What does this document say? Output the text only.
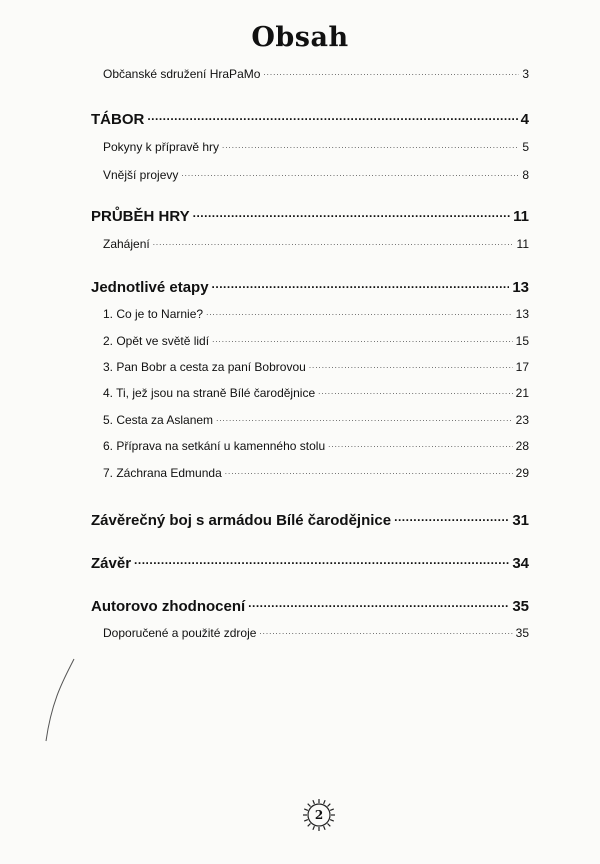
Obsah
Občanské sdružení HraPaMo .....	3
TÁBOR .....	4
Pokyny k přípravě hry .....	5
Vnější projevy .....	8
PRŮBĚH HRY .....	11
Zahájení .....	11
Jednotlivé etapy .....	13
1. Co je to Narnie? .....	13
2. Opět ve světě lidí .....	15
3. Pan Bobr a cesta za paní Bobrovou .....	17
4. Ti, jež jsou na straně Bílé čarodějnice .....	21
5. Cesta za Aslanem .....	23
6. Příprava na setkání u kamenného stolu .....	28
7. Záchrana Edmunda .....	29
Závěrečný boj s armádou Bílé čarodějnice .....	31
Závěr .....	34
Autorovo zhodnocení .....	35
Doporučené a použité zdroje .....	35
2
